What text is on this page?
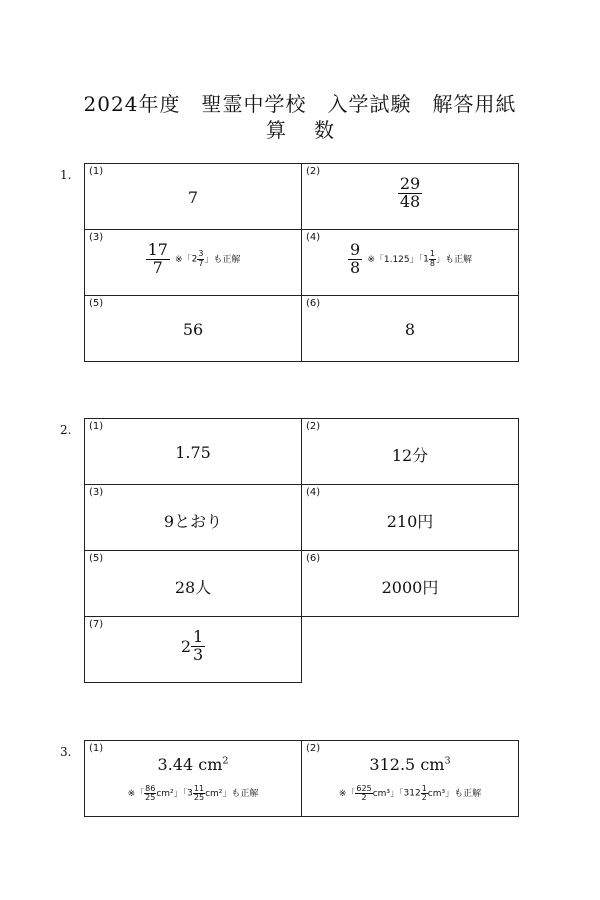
2024年度　聖霊中学校　入学試験　解答用紙
算 数
1. (1)
7
(2)
$\frac{29}{48}$
(3)
$\frac{17}{7}$ ※「$2 \frac{3}{7}$ 」も正解
(4)
$\frac{9}{8}$ ※「1.125」「$1 \frac{1}{8}$ 」も正解
(5)
56
(6)
8
2. (1)
1.75
(2)
12分
(3)
9とおり
(4)
210円
(5)
28人
(6)
2000円
(7)
$2 \frac{1}{3}$
3. (1)
3.44 $cm^2$
※「 $\frac{86}{25} cm^2$」「$3 \frac{11}{25} cm^2$」も正解
(2)
312.5 $cm^3$
※「 $\frac{625}{2} cm^3$」「$312 \frac{1}{2} cm^3$」も正解
